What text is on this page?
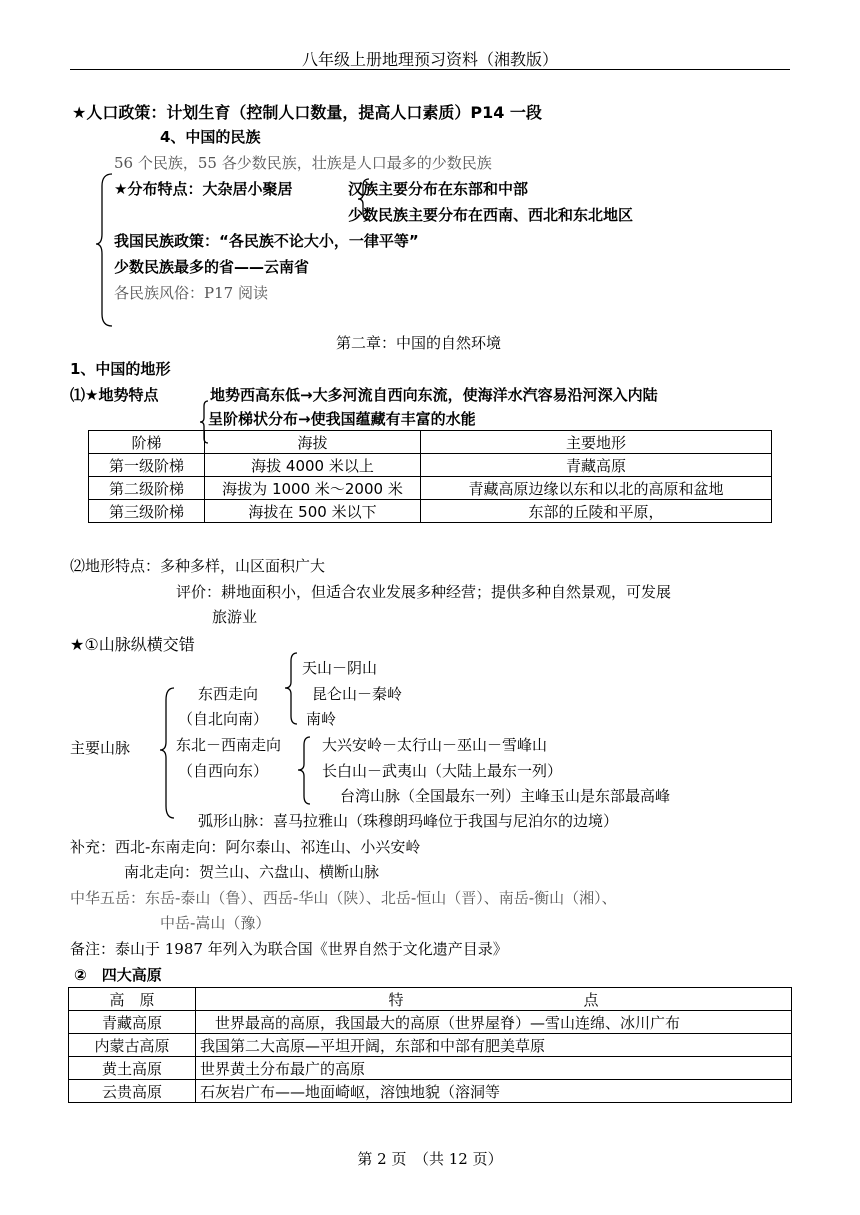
八年级上册地理预习资料（湘教版）
★人口政策：计划生育（控制人口数量，提高人口素质）P14 一段
4、中国的民族
56 个民族，55 各少数民族，壮族是人口最多的少数民族
★分布特点：大杂居小聚居	汉族主要分布在东部和中部
少数民族主要分布在西南、西北和东北地区
我国民族政策：“各民族不论大小，一律平等”
少数民族最多的省——云南省
各民族风俗：P17 阅读
第二章：中国的自然环境
1、中国的地形
⑴★地势特点	地势西高东低→大多河流自西向东流，使海洋水汽容易沿河深入内陆
呈阶梯状分布→使我国蕴藏有丰富的水能
阶梯	海拔	主要地形
第一级阶梯	海拔 4000 米以上	青藏高原
第二级阶梯	海拔为 1000 米～2000 米	青藏高原边缘以东和以北的高原和盆地
第三级阶梯	海拔在 500 米以下	东部的丘陵和平原，
⑵地形特点：多种多样，山区面积广大
评价：耕地面积小，但适合农业发展多种经营；提供多种自然景观，可发展
旅游业
★①山脉纵横交错
天山－阴山
东西走向	昆仑山－秦岭
（自北向南）	南岭
主要山脉	东北－西南走向
（自西向东）
大兴安岭－太行山－巫山－雪峰山
长白山－武夷山（大陆上最东一列）
台湾山脉（全国最东一列）主峰玉山是东部最高峰
弧形山脉：喜马拉雅山（珠穆朗玛峰位于我国与尼泊尔的边境）
补充：西北-东南走向：阿尔泰山、祁连山、小兴安岭
南北走向：贺兰山、六盘山、横断山脉
中华五岳：东岳-泰山（鲁）、西岳-华山（陕）、北岳-恒山（晋）、南岳-衡山（湘）、
中岳-嵩山（豫）
备注：泰山于 1987 年列入为联合国《世界自然于文化遗产目录》
②　四大高原
高　原	特　　　　　　　　　　　　点
青藏高原	　世界最高的高原，我国最大的高原（世界屋脊）—雪山连绵、冰川广布
内蒙古高原	我国第二大高原—平坦开阔，东部和中部有肥美草原
黄土高原	世界黄土分布最广的高原
云贵高原	石灰岩广布——地面崎岖，溶蚀地貌（溶洞等
第 2 页　（共 12 页）
